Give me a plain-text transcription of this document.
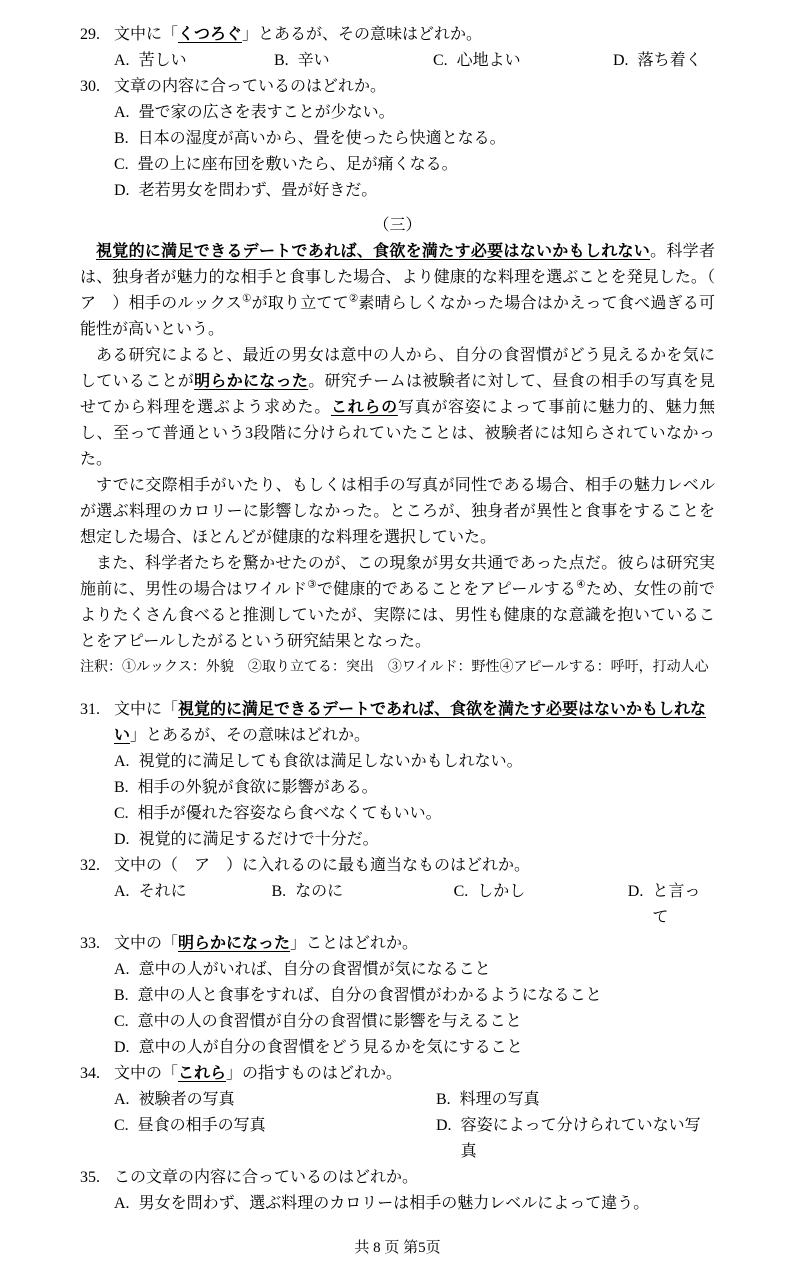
29. 文中に「くつろぐ」とあるが、その意味はどれか。
A. 苦しい	B. 辛い	C. 心地よい	D. 落ち着く
30. 文章の内容に合っているのはどれか。
A. 畳で家の広さを表すことが少ない。
B. 日本の湿度が高いから、畳を使ったら快適となる。
C. 畳の上に座布団を敷いたら、足が痛くなる。
D. 老若男女を問わず、畳が好きだ。
（三）

視覚的に満足できるデートであれば、食欲を満たす必要はないかもしれない。科学者は、独身者が魅力的な相手と食事した場合、より健康的な料理を選ぶことを発見した。（　ア　）相手のルックス①が取り立てて②素晴らしくなかった場合はかえって食べ過ぎる可能性が高いという。

ある研究によると、最近の男女は意中の人から、自分の食習慣がどう見えるかを気にしていることが明らかになった。研究チームは被験者に対して、昼食の相手の写真を見せてから料理を選ぶよう求めた。これらの写真が容姿によって事前に魅力的、魅力無し、至って普通という3段階に分けられていたことは、被験者には知らされていなかった。

すでに交際相手がいたり、もしくは相手の写真が同性である場合、相手の魅力レベルが選ぶ料理のカロリーに影響しなかった。ところが、独身者が異性と食事をすることを想定した場合、ほとんどが健康的な料理を選択していた。

また、科学者たちを驚かせたのが、この現象が男女共通であった点だ。彼らは研究実施前に、男性の場合はワイルド③で健康的であることをアピールする④ため、女性の前でよりたくさん食べると推測していたが、実際には、男性も健康的な意識を抱いていることをアピールしたがるという研究結果となった。

注釈：①ルックス：外貌　②取り立てる：突出　③ワイルド：野性④アピールする：呼吁，打动人心

31. 文中に「視覚的に満足できるデートであれば、食欲を満たす必要はないかもしれない」とあるが、その意味はどれか。
A. 視覚的に満足しても食欲は満足しないかもしれない。
B. 相手の外貌が食欲に影響がある。
C. 相手が優れた容姿なら食べなくてもいい。
D. 視覚的に満足するだけで十分だ。
32. 文中の（　ア　）に入れるのに最も適当なものはどれか。
A. それに	B. なのに	C. しかし	D. と言って
33. 文中の「明らかになった」ことはどれか。
A. 意中の人がいれば、自分の食習慣が気になること
B. 意中の人と食事をすれば、自分の食習慣がわかるようになること
C. 意中の人の食習慣が自分の食習慣に影響を与えること
D. 意中の人が自分の食習慣をどう見るかを気にすること
34. 文中の「これら」の指すものはどれか。
A. 被験者の写真	B. 料理の写真
C. 昼食の相手の写真	D. 容姿によって分けられていない写真
35. この文章の内容に合っているのはどれか。
A. 男女を問わず、選ぶ料理のカロリーは相手の魅力レベルによって違う。
共 8 页 第5页
